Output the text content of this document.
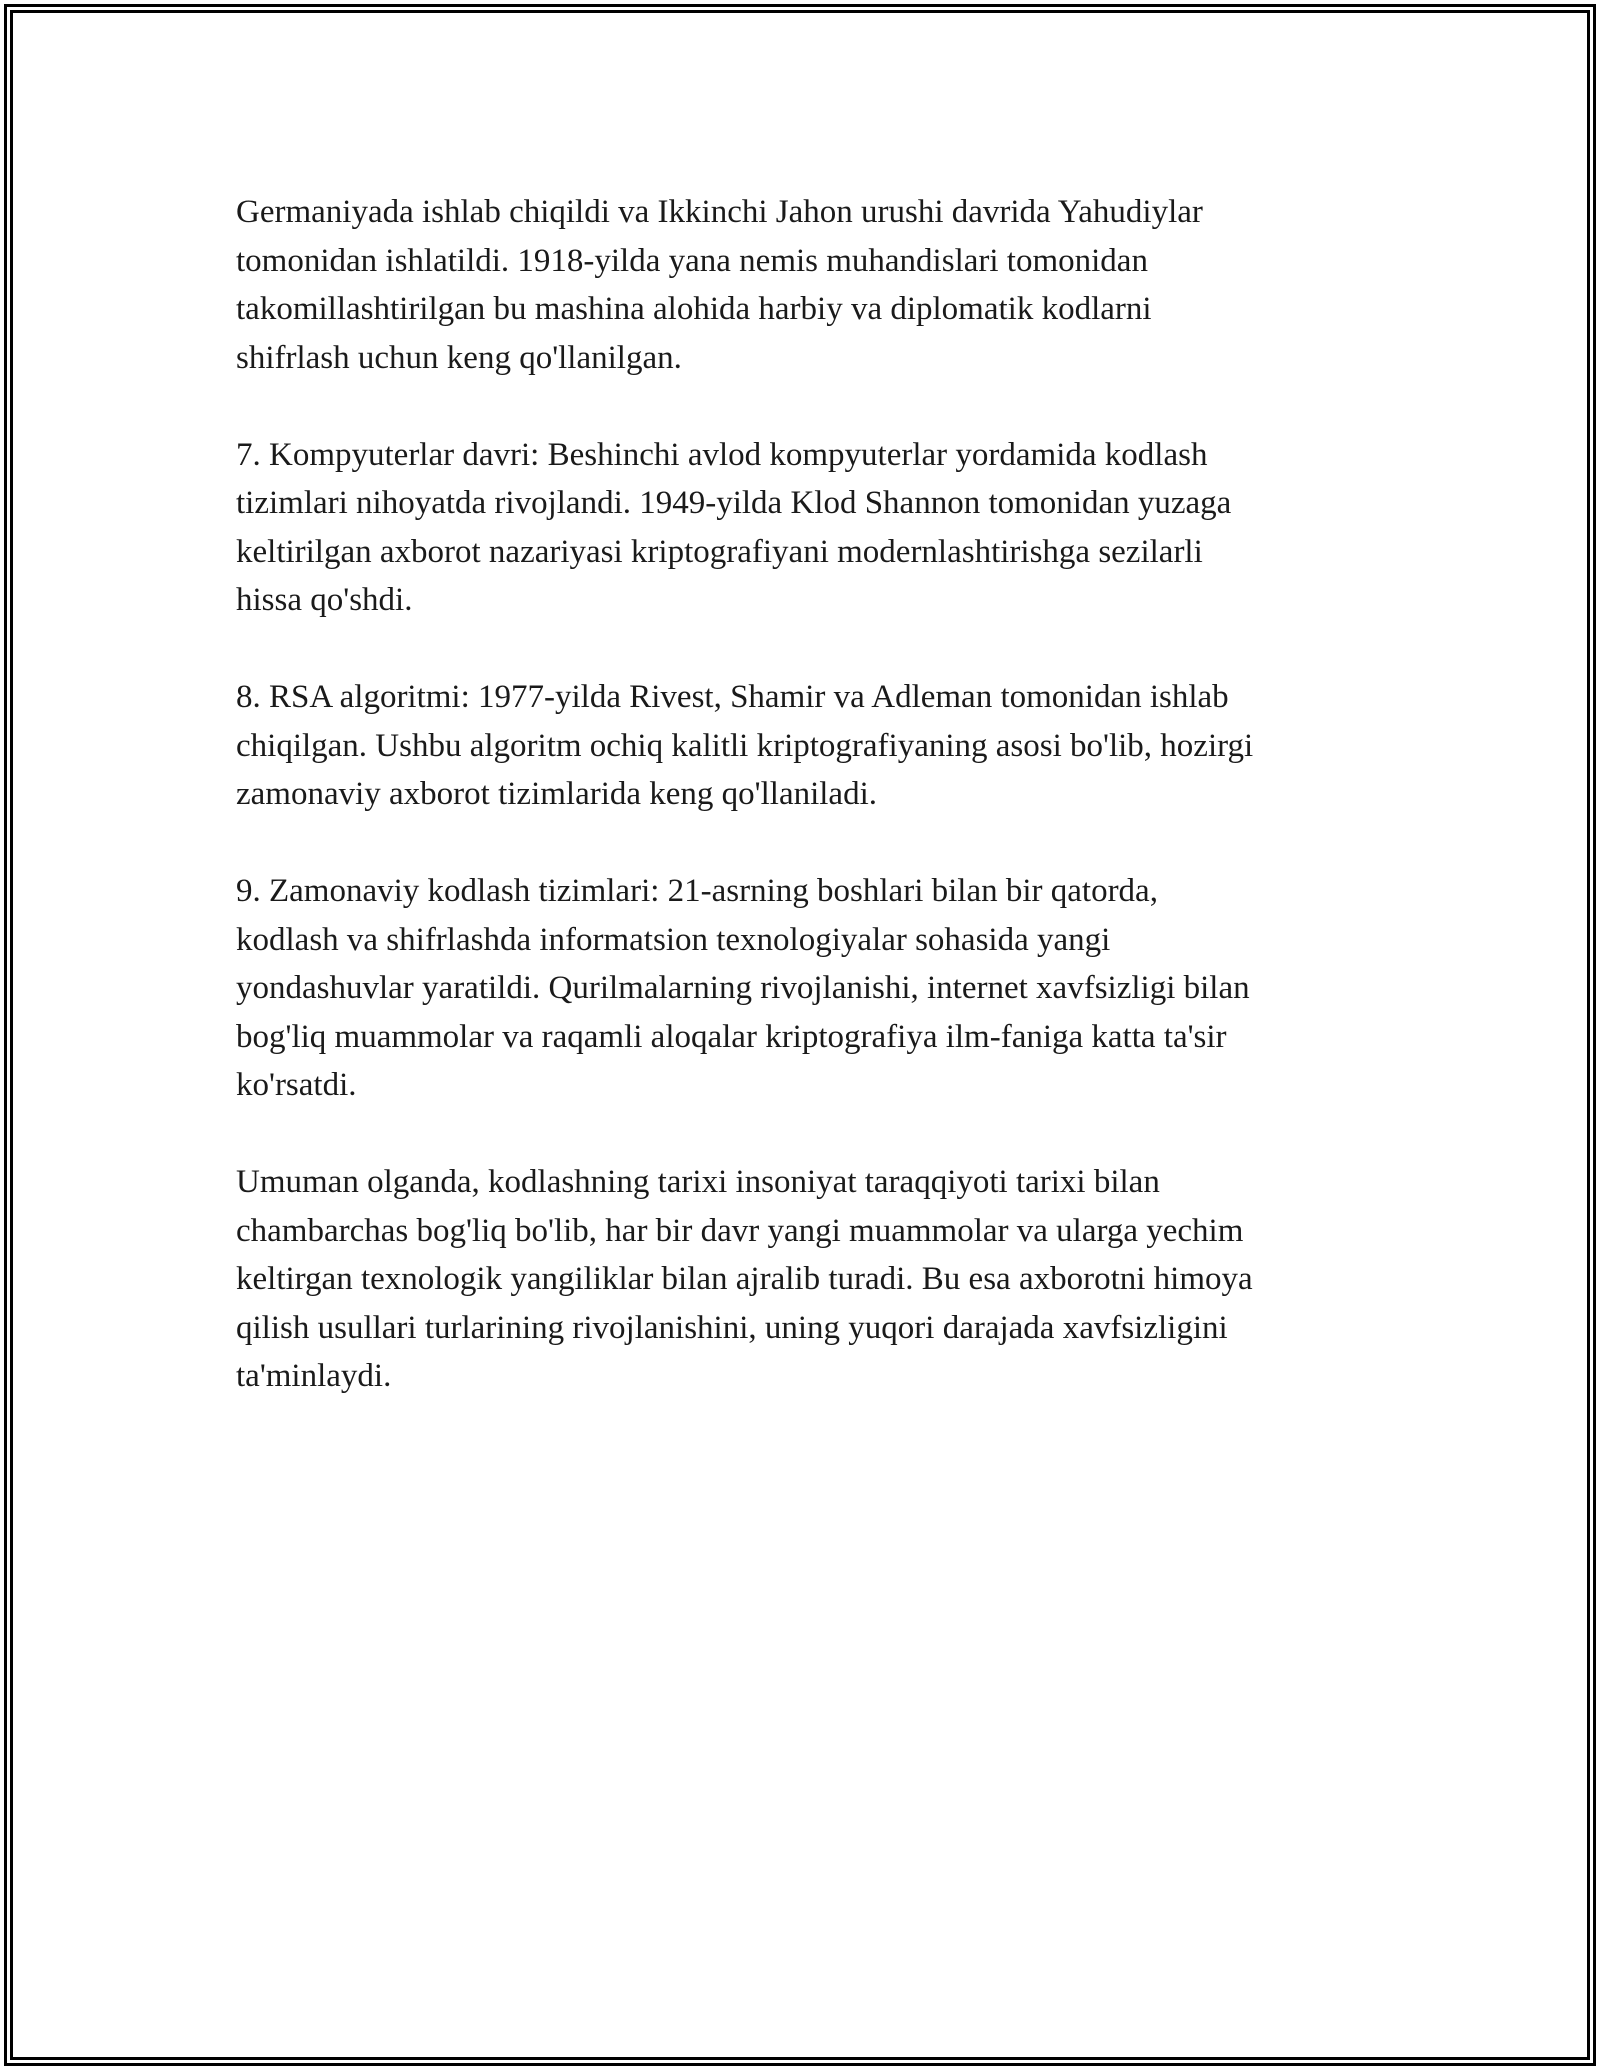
Germaniyada ishlab chiqildi va Ikkinchi Jahon urushi davrida Yahudiylar
tomonidan ishlatildi. 1918-yilda yana nemis muhandislari tomonidan
takomillashtirilgan bu mashina alohida harbiy va diplomatik kodlarni
shifrlash uchun keng qo'llanilgan.

7. Kompyuterlar davri: Beshinchi avlod kompyuterlar yordamida kodlash
tizimlari nihoyatda rivojlandi. 1949-yilda Klod Shannon tomonidan yuzaga
keltirilgan axborot nazariyasi kriptografiyani modernlashtirishga sezilarli
hissa qo'shdi.

8. RSA algoritmi: 1977-yilda Rivest, Shamir va Adleman tomonidan ishlab
chiqilgan. Ushbu algoritm ochiq kalitli kriptografiyaning asosi bo'lib, hozirgi
zamonaviy axborot tizimlarida keng qo'llaniladi.

9. Zamonaviy kodlash tizimlari: 21-asrning boshlari bilan bir qatorda,
kodlash va shifrlashda informatsion texnologiyalar sohasida yangi
yondashuvlar yaratildi. Qurilmalarning rivojlanishi, internet xavfsizligi bilan
bog'liq muammolar va raqamli aloqalar kriptografiya ilm-faniga katta ta'sir
ko'rsatdi.

Umuman olganda, kodlashning tarixi insoniyat taraqqiyoti tarixi bilan
chambarchas bog'liq bo'lib, har bir davr yangi muammolar va ularga yechim
keltirgan texnologik yangiliklar bilan ajralib turadi. Bu esa axborotni himoya
qilish usullari turlarining rivojlanishini, uning yuqori darajada xavfsizligini
ta'minlaydi.
